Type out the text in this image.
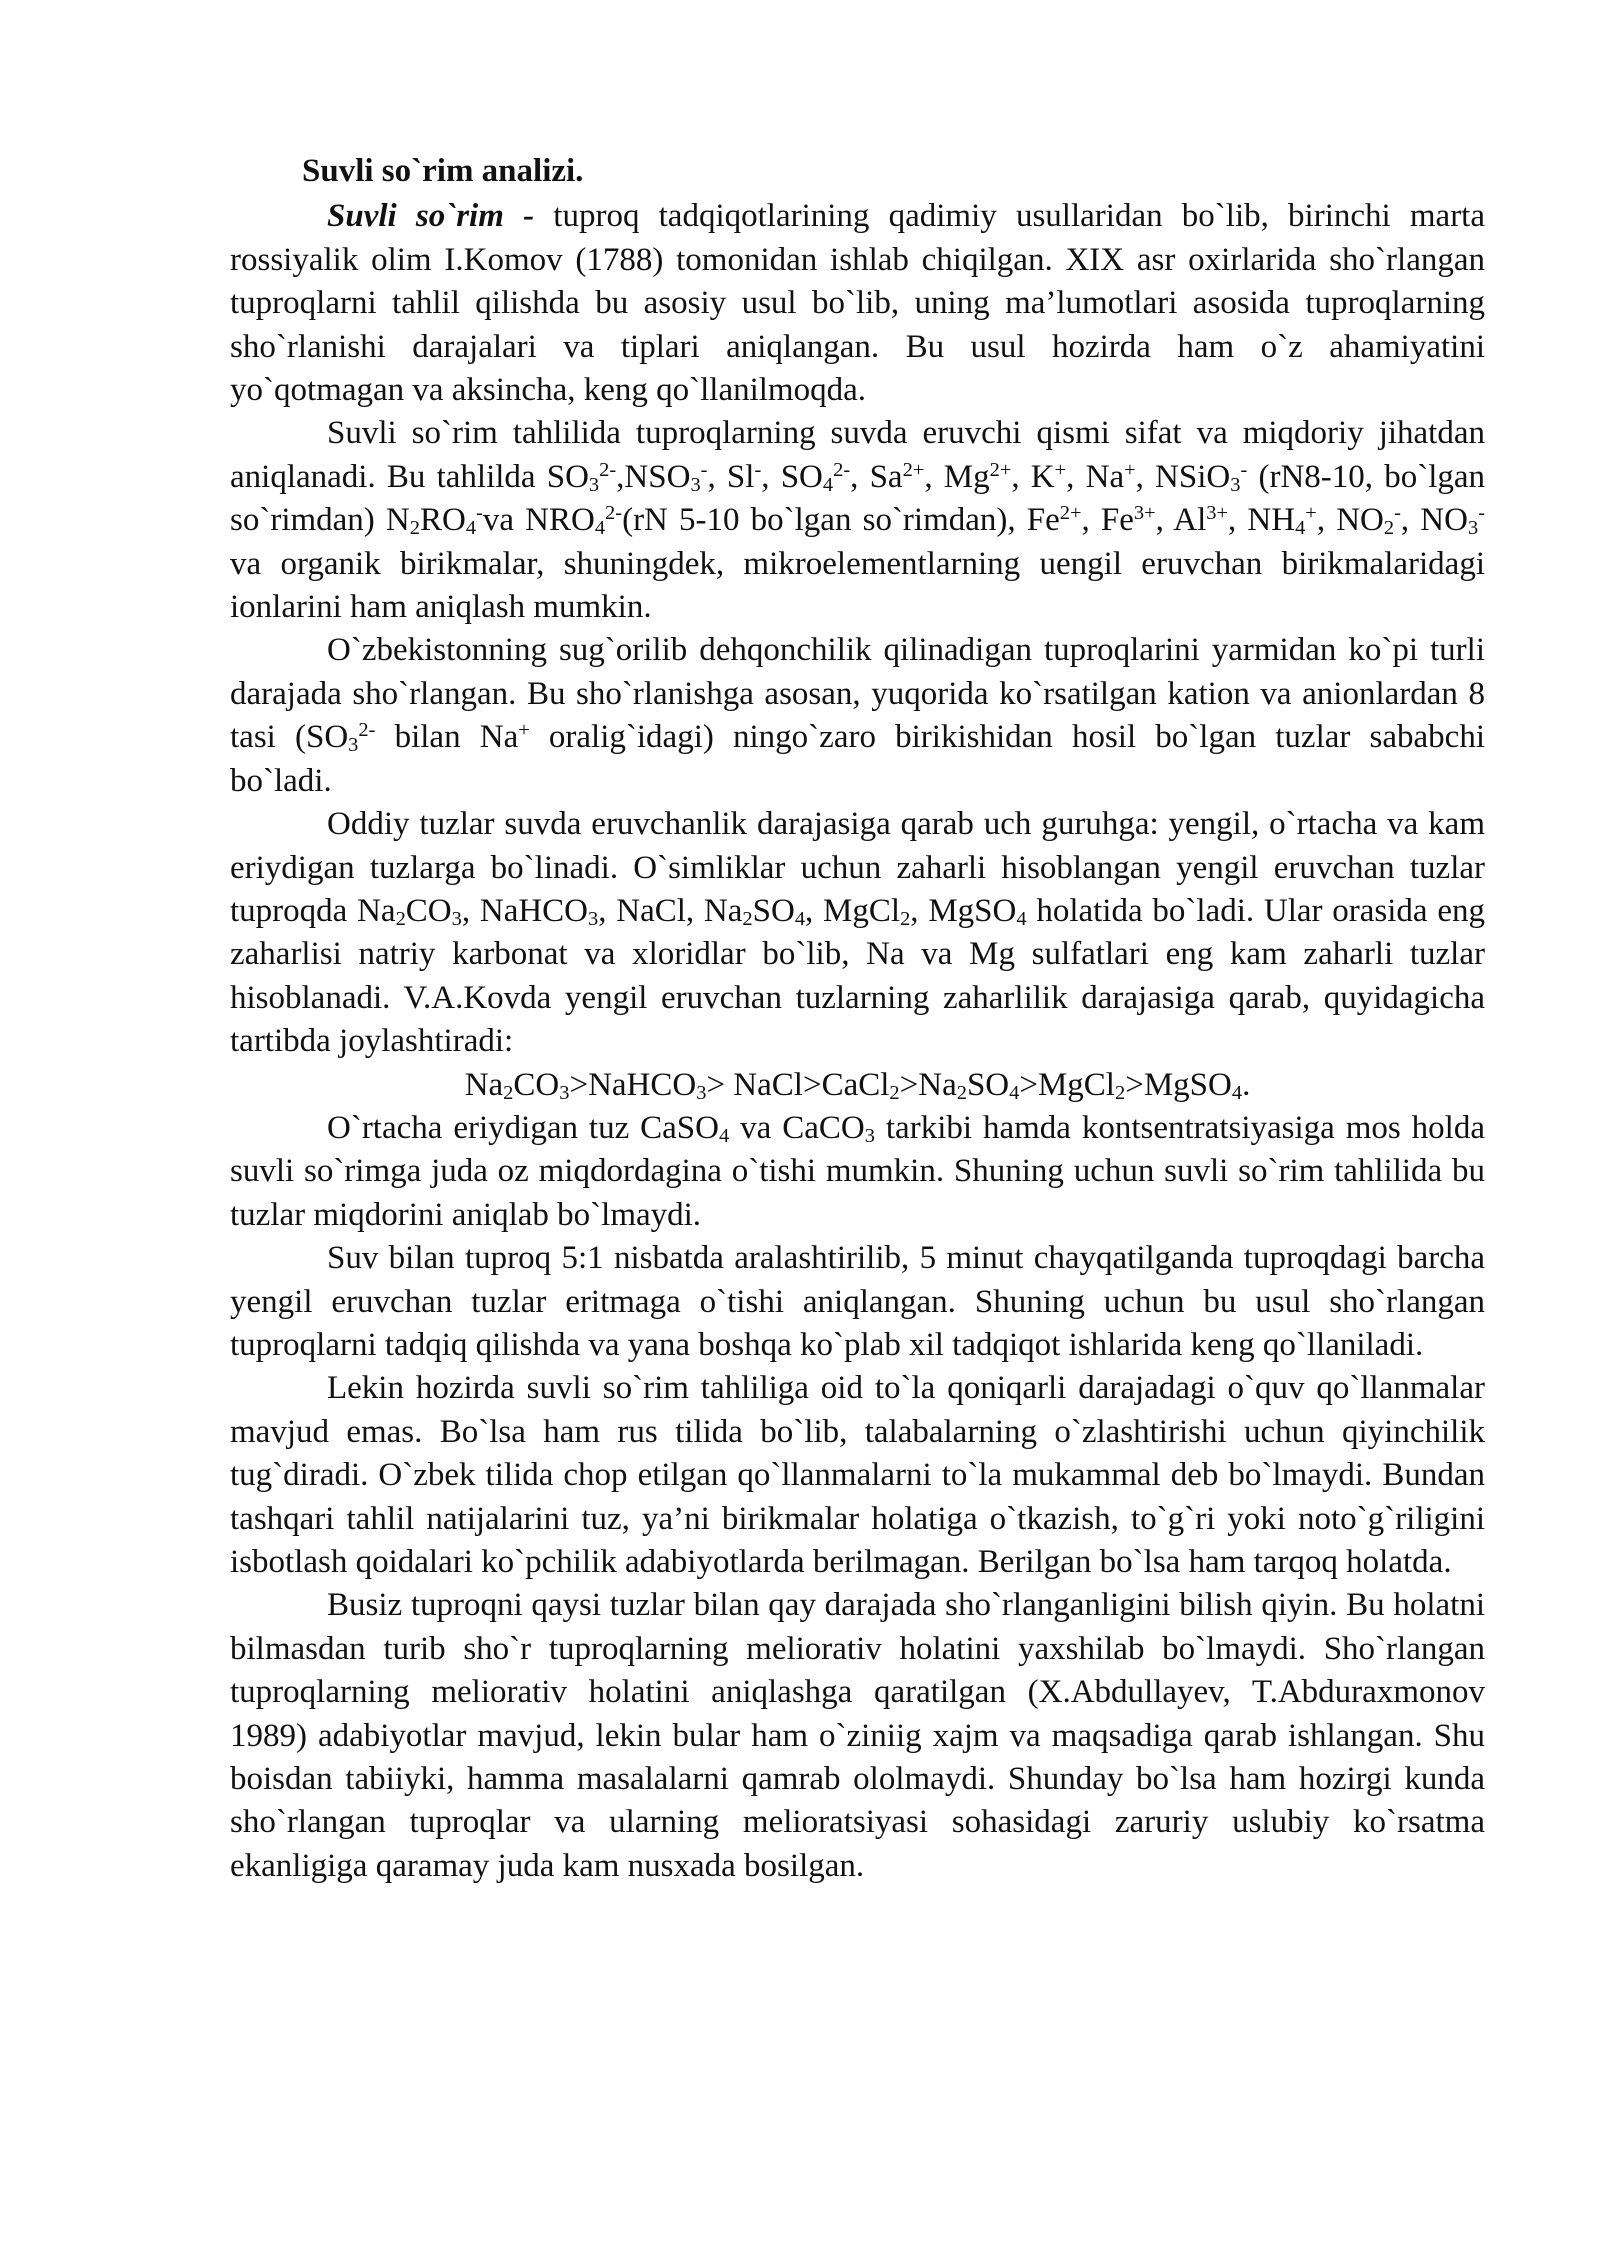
Suvli so`rim analizi.

Suvli so`rim - tuproq tadqiqotlarining qadimiy usullaridan bo`lib, birinchi marta rossiyalik olim I.Komov (1788) tomonidan ishlab chiqilgan. XIX asr oxirlarida sho`rlangan tuproqlarni tahlil qilishda bu asosiy usul bo`lib, uning ma’lumotlari asosida tuproqlarning sho`rlanishi darajalari va tiplari aniqlangan. Bu usul hozirda ham o`z ahamiyatini yo`qotmagan va aksincha, keng qo`llanilmoqda.

Suvli so`rim tahlilida tuproqlarning suvda eruvchi qismi sifat va miqdoriy jihatdan aniqlanadi. Bu tahlilda $SO_3^{2-},NSO_3^-$, Sl-, $SO_4^{2-}$, $Sa^{2+}$, $Mg^{2+}$, K+, Na+, NSiO$_3$- (rN8-10, bo`lgan so`rimdan) $N_2RO_4^-va$ $NRO_4^{2-}(rN$ 5-10 bo`lgan so`rimdan), $Fe^{2+}$, $Fe^{3+}$, $Al^{3+}$, $NH_4^+$, $NO_2^-$, $NO_3^-$ va organik birikmalar, shuningdek, mikroelementlarning uengil eruvchan birikmalaridagi ionlarini ham aniqlash mumkin.

O`zbekistonning sug`orilib dehqonchilik qilinadigan tuproqlarini yarmidan ko`pi turli darajada sho`rlangan. Bu sho`rlanishga asosan, yuqorida ko`rsatilgan kation va anionlardan 8 tasi ($SO_3^{2-}$ bilan Na+ oralig`idagi) ningo`zaro birikishidan hosil bo`lgan tuzlar sababchi bo`ladi.

Oddiy tuzlar suvda eruvchanlik darajasiga qarab uch guruhga: yengil, o`rtacha va kam eriydigan tuzlarga bo`linadi. O`simliklar uchun zaharli hisoblangan yengil eruvchan tuzlar tuproqda $Na_2CO_3$, NaHCO$_3$, NaCl, $Na_2SO_4$, MgCl$_2$, MgSO$_4$ holatida bo`ladi. Ular orasida eng zaharlisi natriy karbonat va xloridlar bo`lib, Na va Mg sulfatlari eng kam zaharli tuzlar hisoblanadi. V.A.Kovda yengil eruvchan tuzlarning zaharlilik darajasiga qarab, quyidagicha tartibda joylashtiradi:

$Na_2CO_3>NaHCO_3>$ $NaCl>CaCl_2>Na_2SO_4>MgCl_2>MgSO_4$.

O`rtacha eriydigan tuz CaSO$_4$ va CaCO$_3$ tarkibi hamda kontsentratsiyasiga mos holda suvli so`rimga juda oz miqdordagina o`tishi mumkin. Shuning uchun suvli so`rim tahlilida bu tuzlar miqdorini aniqlab bo`lmaydi.

Suv bilan tuproq 5:1 nisbatda aralashtirilib, 5 minut chayqatilganda tuproqdagi barcha yengil eruvchan tuzlar eritmaga o`tishi aniqlangan. Shuning uchun bu usul sho`rlangan tuproqlarni tadqiq qilishda va yana boshqa ko`plab xil tadqiqot ishlarida keng qo`llaniladi.

Lekin hozirda suvli so`rim tahliliga oid to`la qoniqarli darajadagi o`quv qo`llanmalar mavjud emas. Bo`lsa ham rus tilida bo`lib, talabalarning o`zlashtirishi uchun qiyinchilik tug`diradi. O`zbek tilida chop etilgan qo`llanmalarni to`la mukammal deb bo`lmaydi. Bundan tashqari tahlil natijalarini tuz, ya’ni birikmalar holatiga o`tkazish, to`g`ri yoki noto`g`riligini isbotlash qoidalari ko`pchilik adabiyotlarda berilmagan. Berilgan bo`lsa ham tarqoq holatda.

Busiz tuproqni qaysi tuzlar bilan qay darajada sho`rlanganligini bilish qiyin. Bu holatni bilmasdan turib sho`r tuproqlarning meliorativ holatini yaxshilab bo`lmaydi. Sho`rlangan tuproqlarning meliorativ holatini aniqlashga qaratilgan (X.Abdullayev, T.Abduraxmonov 1989) adabiyotlar mavjud, lekin bular ham o`ziniig xajm va maqsadiga qarab ishlangan. Shu boisdan tabiiyki, hamma masalalarni qamrab ololmaydi. Shunday bo`lsa ham hozirgi kunda sho`rlangan tuproqlar va ularning melioratsiyasi sohasidagi zaruriy uslubiy ko`rsatma ekanligiga qaramay juda kam nusxada bosilgan.
